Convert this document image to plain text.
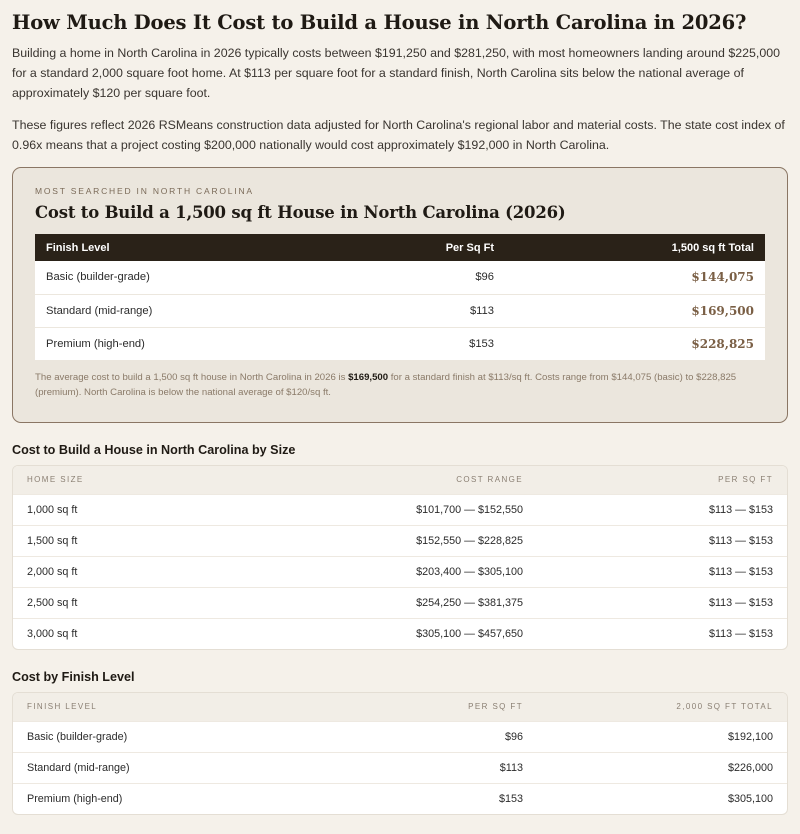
How Much Does It Cost to Build a House in North Carolina in 2026?

Building a home in North Carolina in 2026 typically costs between $191,250 and $281,250, with most homeowners landing around $225,000 for a standard 2,000 square foot home. At $113 per square foot for a standard finish, North Carolina sits below the national average of approximately $120 per square foot.

These figures reflect 2026 RSMeans construction data adjusted for North Carolina's regional labor and material costs. The state cost index of 0.96x means that a project costing $200,000 nationally would cost approximately $192,000 in North Carolina.

MOST SEARCHED IN NORTH CAROLINA
Cost to Build a 1,500 sq ft House in North Carolina (2026)
Finish Level	Per Sq Ft	1,500 sq ft Total
Basic (builder-grade)	$96	$144,075
Standard (mid-range)	$113	$169,500
Premium (high-end)	$153	$228,825

The average cost to build a 1,500 sq ft house in North Carolina in 2026 is $169,500 for a standard finish at $113/sq ft. Costs range from $144,075 (basic) to $228,825 (premium). North Carolina is below the national average of $120/sq ft.

Cost to Build a House in North Carolina by Size
HOME SIZE	COST RANGE	PER SQ FT
1,000 sq ft	$101,700 — $152,550	$113 — $153
1,500 sq ft	$152,550 — $228,825	$113 — $153
2,000 sq ft	$203,400 — $305,100	$113 — $153
2,500 sq ft	$254,250 — $381,375	$113 — $153
3,000 sq ft	$305,100 — $457,650	$113 — $153
Cost by Finish Level
FINISH LEVEL	PER SQ FT	2,000 SQ FT TOTAL
Basic (builder-grade)	$96	$192,100
Standard (mid-range)	$113	$226,000
Premium (high-end)	$153	$305,100
